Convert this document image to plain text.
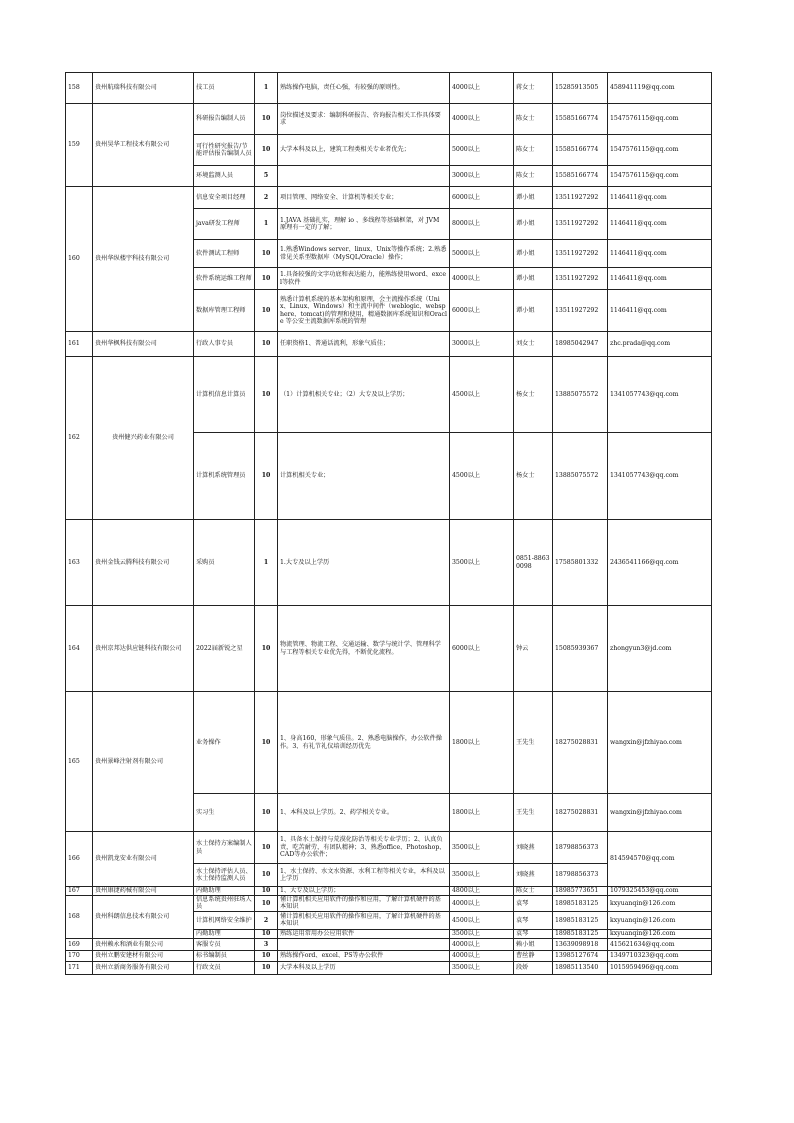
158	贵州航瑞科技有限公司	技工员	1	熟练操作电脑，责任心强，有较强的原则性。	4000以上	蒋女士	15285913505	458941119@qq.com
159	贵州昊华工程技术有限公司	科研报告编制人员	10	岗位描述及要求：编制科研报告、咨询报告相关工作具体要求	4000以上	陈女士	15585166774	1547576115@qq.com
		可行性研究报告/节能评估报告编制人员	10	大学本科及以上，建筑工程类相关专业者优先；	5000以上	陈女士	15585166774	1547576115@qq.com
		环境监测人员	5		3000以上	陈女士	15585166774	1547576115@qq.com
160	贵州华纵楼宇科技有限公司	信息安全项目经理	2	项目管理、网络安全、计算机等相关专业；	6000以上	谭小姐	13511927292	1146411@qq.com
		java研发工程师	1	1.JAVA 基础扎实，理解 io 、多线程等基础框架，对 JVM 原理有一定的了解；	8000以上	谭小姐	13511927292	1146411@qq.com
		软件测试工程师	10	1.熟悉Windows server、linux、Unix等操作系统；2.熟悉常见关系型数据库（MySQL/Oracle）操作；	5000以上	谭小姐	13511927292	1146411@qq.com
		软件系统运维工程师	10	1.具备较强的文字功底和表达能力，能熟练使用word、excel等软件	4000以上	谭小姐	13511927292	1146411@qq.com
		数据库管理工程师	10	熟悉计算机系统的基本架构和原理，会主流操作系统（Unix、Linux、Windows）和主流中间件（weblogic、websphere、tomcat)的管理和使用，精通数据库系统知识和Oracle 等公安主流数据库系统的管理	6000以上	谭小姐	13511927292	1146411@qq.com
161	贵州华枫科技有限公司	行政人事专员	10	任职资格1、普通话流利，形象气质佳；	3000以上	刘女士	18985042947	zhc.prada@qq.com
162	贵州健兴药业有限公司	计算机信息计算员	10	（1）计算机相关专业；（2）大专及以上学历；	4500以上	杨女士	13885075572	1341057743@qq.com
		计算机系统管理员	10	计算机相关专业；	4500以上	杨女士	13885075572	1341057743@qq.com
163	贵州金钱云腾科技有限公司	采购员	1	1.大专及以上学历	3500以上	0851-88630098	17585801332	2436541166@qq.com
164	贵州京邦达供应链科技有限公司	2022届新锐之星	10	物流管理、物流工程、交通运输、数学与统计学、管理科学与工程等相关专业优先得，不断优化流程。	6000以上	钟云	15085939367	zhongyun3@jd.com
165	贵州景峰注射剂有限公司	业务操作	10	1、身高160，形象气质佳。2、熟悉电脑操作，办公软件操作。3、有礼节礼仪培训经历优先	1800以上	王先生	18275028831	wangxin@jfzhiyao.com
		实习生	10	1、本科及以上学历。2、药学相关专业。	1800以上	王先生	18275028831	wangxin@jfzhiyao.com
166	贵州凯龙安业有限公司	水土保持方案编制人员	10	1、具备水土保持与荒漠化防治等相关专业学历；2、认真负责，吃苦耐劳，有团队精神；3、熟悉office、Photoshop、CAD等办公软件；	3500以上	刘晓燕	18798856373	814594570@qq.com
		水土保持评估人员、水土保持监测人员	10	1、水土保持、水文水资源、水利工程等相关专业，本科及以上学历	3500以上	刘晓燕	18798856373	
167	贵州康捷药械有限公司	内勤助理	10	1、大专及以上学历；	4800以上	陈女士	18985773651	1079325453@qq.com
168	贵州科朗信息技术有限公司	信息系统贵州驻场人员	10	懂计算机相关应用软件的操作和应用，了解计算机硬件的基本知识	4000以上	袁琴	18985183125	kxyuanqin@126.com
		计算机网络安全维护	2	懂计算机相关应用软件的操作和应用，了解计算机硬件的基本知识	4500以上	袁琴	18985183125	kxyuanqin@126.com
		内勤助理	10	熟练运用常用办公应用软件	3500以上	袁琴	18985183125	kxyuanqin@126.com
169	贵州赖永和酒业有限公司	客服专员	3		4000以上	赖小姐	13639098918	415621634@qq.com
170	贵州立鹏安建材有限公司	标书编制员	10	熟练操作ord、excel、PS等办公软件	4000以上	曹丝静	13985127674	1349710323@qq.com
171	贵州立新商务服务有限公司	行政文员	10	大学本科及以上学历	3500以上	段娇	18985113540	1015959496@qq.com
